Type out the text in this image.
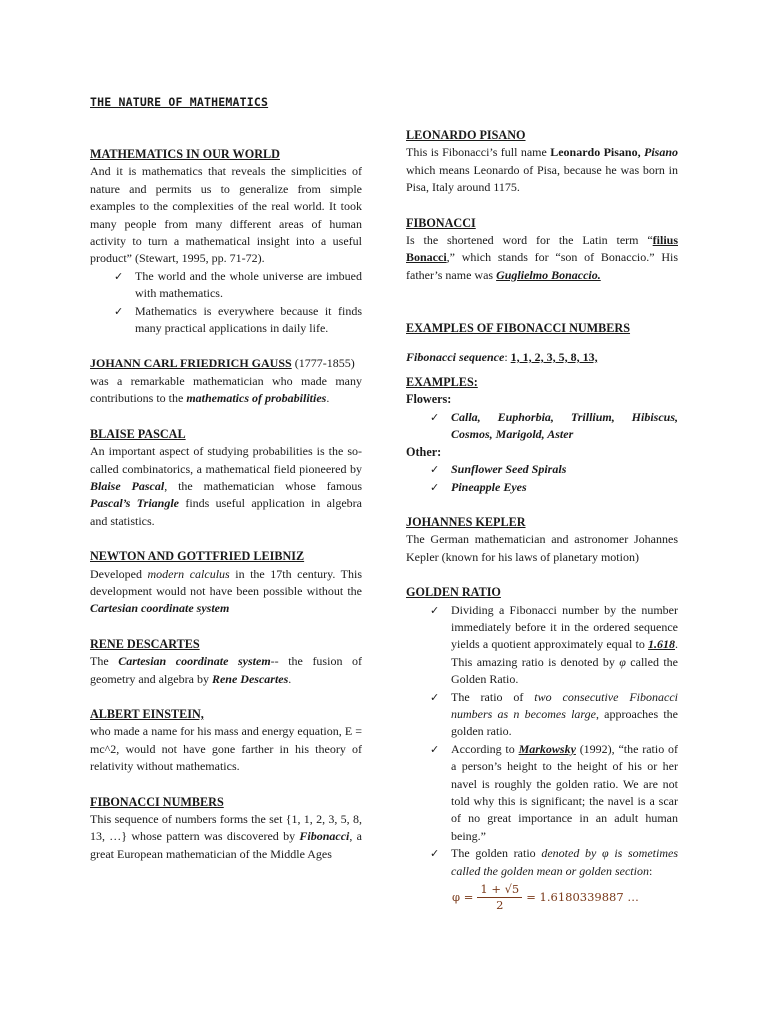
THE NATURE OF MATHEMATICS
MATHEMATICS IN OUR WORLD

And it is mathematics that reveals the simplicities of nature and permits us to generalize from simple examples to the complexities of the real world. It took many people from many different areas of human activity to turn a mathematical insight into a useful product” (Stewart, 1995, pp. 71-72).

✓ The world and the whole universe are imbued with mathematics.
✓ Mathematics is everywhere because it finds many practical applications in daily life.

JOHANN CARL FRIEDRICH GAUSS (1777-1855)

was a remarkable mathematician who made many contributions to the mathematics of probabilities.

BLAISE PASCAL

An important aspect of studying probabilities is the so-called combinatorics, a mathematical field pioneered by Blaise Pascal, the mathematician whose famous Pascal’s Triangle finds useful application in algebra and statistics.

NEWTON AND GOTTFRIED LEIBNIZ

Developed modern calculus in the 17th century. This development would not have been possible without the Cartesian coordinate system

RENE DESCARTES

The Cartesian coordinate system-- the fusion of geometry and algebra by Rene Descartes.

ALBERT EINSTEIN,

who made a name for his mass and energy equation, E = mc^2, would not have gone farther in his theory of relativity without mathematics.

FIBONACCI NUMBERS

This sequence of numbers forms the set {1, 1, 2, 3, 5, 8, 13, …} whose pattern was discovered by Fibonacci, a great European mathematician of the Middle Ages

LEONARDO PISANO

This is Fibonacci’s full name Leonardo Pisano, Pisano which means Leonardo of Pisa, because he was born in Pisa, Italy around 1175.

FIBONACCI

Is the shortened word for the Latin term “filius Bonacci,” which stands for “son of Bonaccio.” His father’s name was Guglielmo Bonaccio.

EXAMPLES OF FIBONACCI NUMBERS

Fibonacci sequence: 1, 1, 2, 3, 5, 8, 13,

EXAMPLES:

Flowers:

✓ Calla, Euphorbia, Trillium, Hibiscus, Cosmos, Marigold, Aster

Other:

✓ Sunflower Seed Spirals
✓ Pineapple Eyes
JOHANNES KEPLER

The German mathematician and astronomer Johannes Kepler (known for his laws of planetary motion)

GOLDEN RATIO
✓ Dividing a Fibonacci number by the number immediately before it in the ordered sequence yields a quotient approximately equal to 1.618. This amazing ratio is denoted by φ called the Golden Ratio.
✓ The ratio of two consecutive Fibonacci numbers as n becomes large, approaches the golden ratio.
✓ According to Markowsky (1992), “the ratio of a person’s height to the height of his or her navel is roughly the golden ratio. We are not told why this is significant; the navel is a scar of no great importance in an adult human being.”
✓ The golden ratio denoted by φ is sometimes called the golden mean or golden section:
$\varphi = \frac{1 + √5}{2} = 1.6180339887$ …
